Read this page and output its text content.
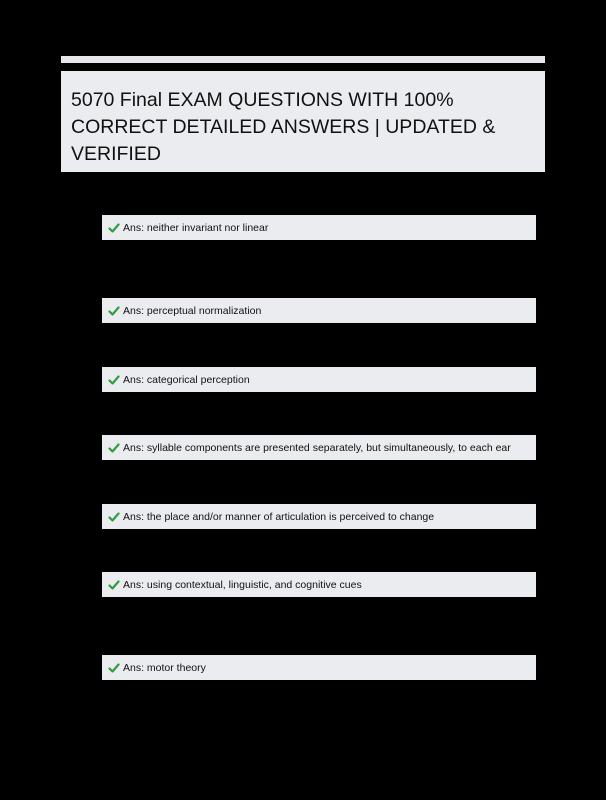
5070 Final EXAM QUESTIONS WITH 100% CORRECT DETAILED ANSWERS | UPDATED & VERIFIED
Ans: neither invariant nor linear
Ans: perceptual normalization
Ans: categorical perception
Ans: syllable components are presented separately, but simultaneously, to each ear
Ans: the place and/or manner of articulation is perceived to change
Ans: using contextual, linguistic, and cognitive cues
Ans: motor theory
